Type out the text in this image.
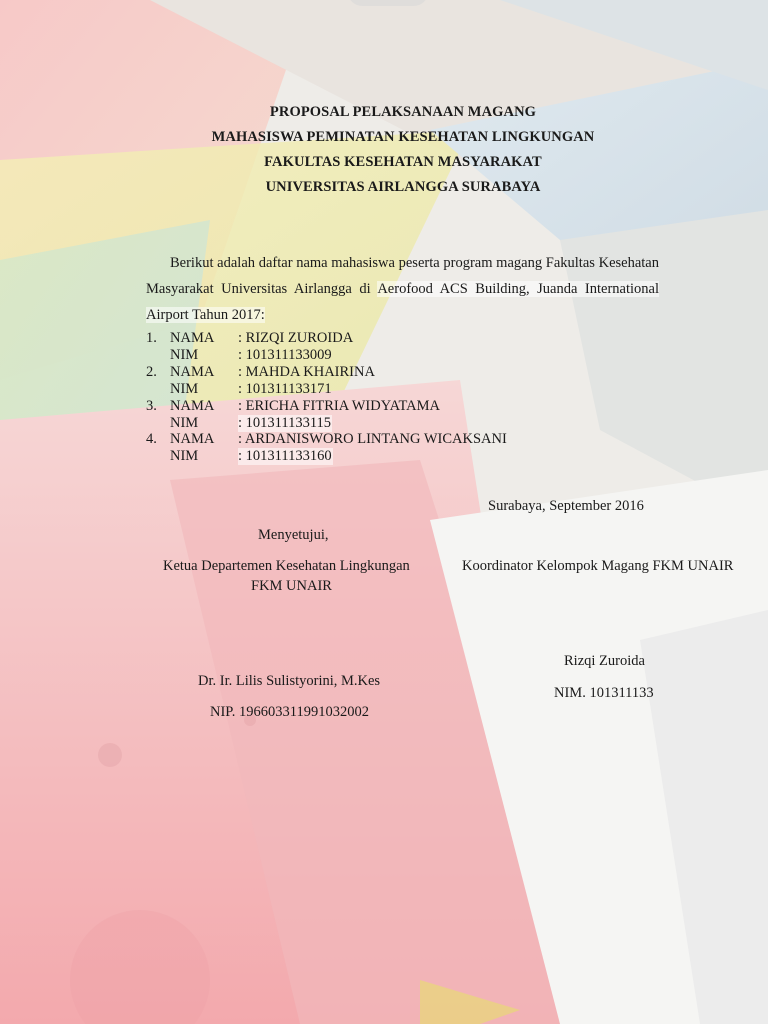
PROPOSAL PELAKSANAAN MAGANG
MAHASISWA PEMINATAN KESEHATAN LINGKUNGAN
FAKULTAS KESEHATAN MASYARAKAT
UNIVERSITAS AIRLANGGA SURABAYA
Berikut adalah daftar nama mahasiswa peserta program magang Fakultas Kesehatan Masyarakat Universitas Airlangga di Aerofood ACS Building, Juanda International Airport Tahun 2017:
1. NAMA : RIZQI ZUROIDA
NIM	: 101311133009
2. NAMA : MAHDA KHAIRINA
NIM	: 101311133171
3. NAMA : ERICHA FITRIA WIDYATAMA
NIM	: 101311133115
4. NAMA : ARDANISWORO LINTANG WICAKSANI
NIM	: 101311133160
Surabaya, September 2016
Menyetujui,
Ketua Departemen Kesehatan Lingkungan
FKM UNAIR
Koordinator Kelompok Magang FKM UNAIR
Rizqi Zuroida
NIM. 101311133
Dr. Ir. Lilis Sulistyorini, M.Kes
NIP. 196603311991032002
